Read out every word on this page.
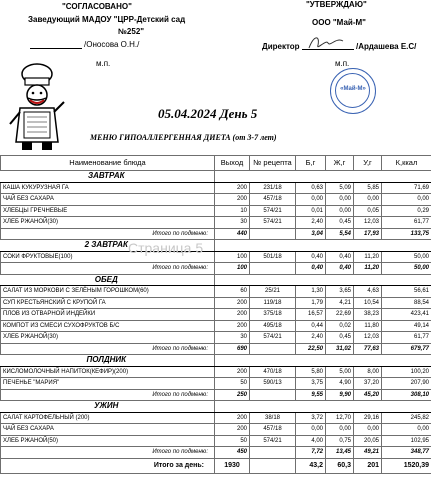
"СОГЛАСОВАНО"
Заведующий МАДОУ "ЦРР-Детский сад
№252"
/Оносова О.Н./
м.п.
"УТВЕРЖДАЮ"
ООО "Май-М"
Директор	/Ардашева Е.С/
м.п.
«Май-М»
05.04.2024 День 5
МЕНЮ ГИПОАЛЛЕРГЕННАЯ ДИЕТА (от 3-7 лет)
Наименование блюда	Выход	№ рецепта	Б,г	Ж,г	У,г	К,ккал
ЗАВТРАК						
КАША КУКУРУЗНАЯ ГА	200	231/18	0,63	5,09	5,85	71,69
ЧАЙ БЕЗ САХАРА	200	457/18	0,00	0,00	0,00	0,00
ХЛЕБЦЫ ГРЕЧНЕВЫЕ	10	574/21	0,01	0,00	0,05	0,29
ХЛЕБ РЖАНОЙ(30)	30	574/21	2,40	0,45	12,03	61,77
Итого по подменю:	440		3,04	5,54	17,93	133,75
2 ЗАВТРАК						
СОКИ ФРУКТОВЫЕ(100)	100	501/18	0,40	0,40	11,20	50,00
Итого по подменю:	100		0,40	0,40	11,20	50,00
ОБЕД						
САЛАТ ИЗ МОРКОВИ С ЗЕЛЁНЫМ ГОРОШКОМ(60)	60	25/21	1,30	3,65	4,63	56,61
СУП КРЕСТЬЯНСКИЙ С КРУПОЙ ГА	200	119/18	1,79	4,21	10,54	88,54
ПЛОВ ИЗ ОТВАРНОЙ ИНДЕЙКИ	200	375/18	16,57	22,69	38,23	423,41
КОМПОТ ИЗ СМЕСИ СУХОФРУКТОВ Б/С	200	495/18	0,44	0,02	11,80	49,14
ХЛЕБ РЖАНОЙ(30)	30	574/21	2,40	0,45	12,03	61,77
Итого по подменю:	690		22,50	31,02	77,63	679,77
ПОЛДНИК						
КИСЛОМОЛОЧНЫЙ НАПИТОК(КЕФИР)(200)	200	470/18	5,80	5,00	8,00	100,20
ПЕЧЕНЬЕ "МАРИЯ"	50	590/13	3,75	4,90	37,20	207,90
Итого по подменю:	250		9,55	9,90	45,20	308,10
УЖИН						
САЛАТ КАРТОФЕЛЬНЫЙ (200)	200	38/18	3,72	12,70	29,16	245,82
ЧАЙ БЕЗ САХАРА	200	457/18	0,00	0,00	0,00	0,00
ХЛЕБ РЖАНОЙ(50)	50	574/21	4,00	0,75	20,05	102,95
Итого по подменю:	450		7,72	13,45	49,21	348,77
Итого за день:	1930		43,2	60,3	201	1520,39
Страница 5
